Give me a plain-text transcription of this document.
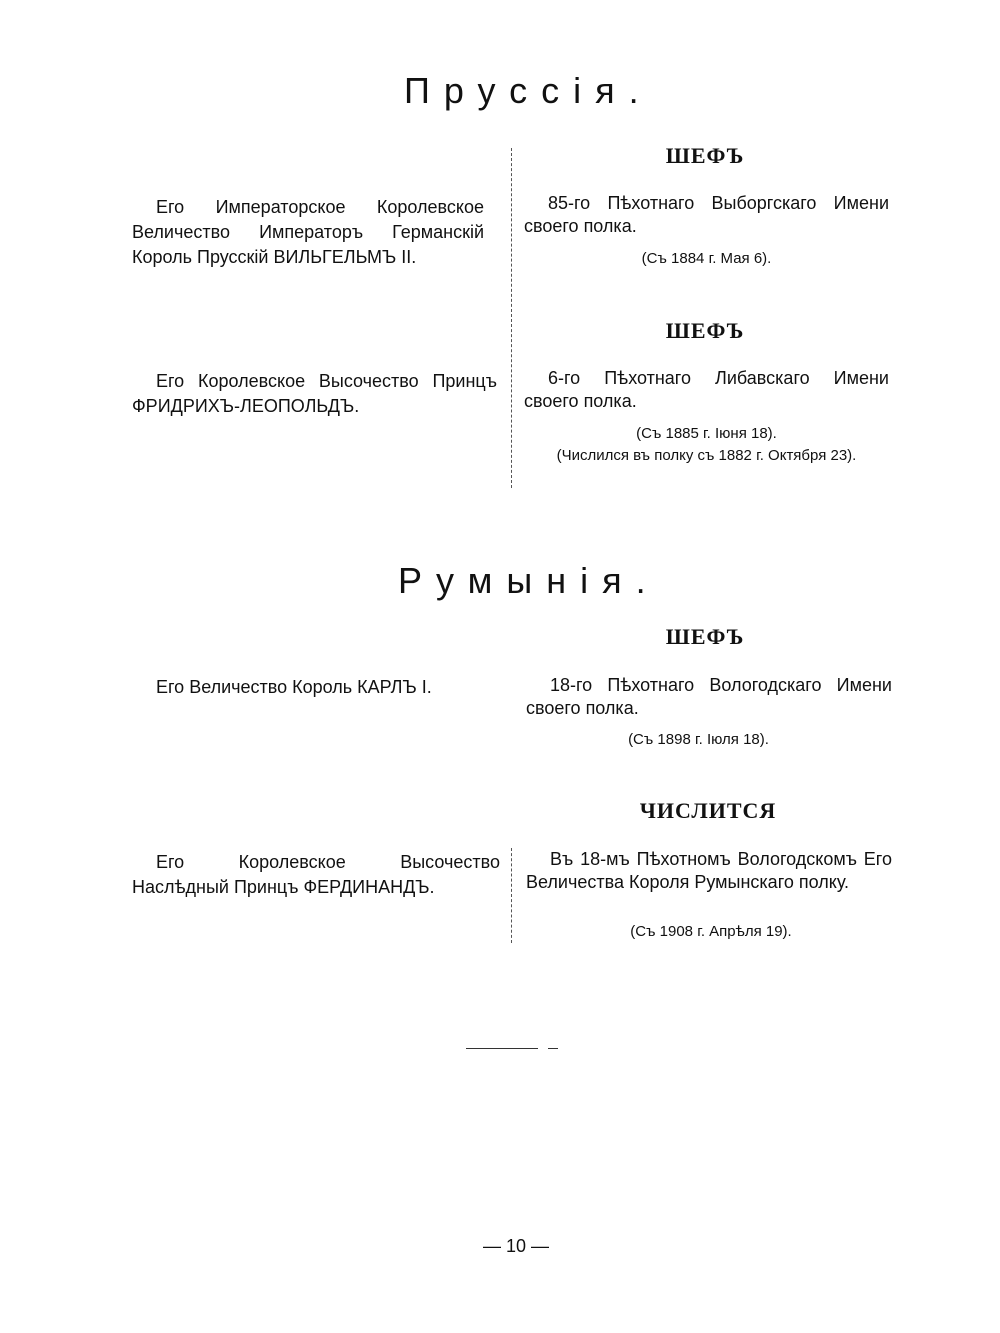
Пруссія.
ШЕФЪ
Его Императорское Королевское Величество Императоръ Германскій Король Прусскій ВИЛЬГЕЛЬМЪ II.
85-го Пѣхотнаго Выборгскаго Имени своего полка.
(Съ 1884 г. Мая 6).
ШЕФЪ
Его Королевское Высочество Принцъ ФРИДРИХЪ-ЛЕОПОЛЬДЪ.
6-го Пѣхотнаго Либавскаго Имени своего полка.
(Съ 1885 г. Іюня 18).
(Числился въ полку съ 1882 г. Октября 23).
Румынія.
ШЕФЪ
Его Величество Король КАРЛЪ I.	18-го Пѣхотнаго Вологодскаго Имени своего полка.
(Съ 1898 г. Іюля 18).
ЧИСЛИТСЯ
Его Королевское Высочество Наслѣдный Принцъ ФЕРДИНАНДЪ.
Въ 18-мъ Пѣхотномъ Вологодскомъ Его Величества Короля Румынскаго полку.
(Съ 1908 г. Апрѣля 19).
— 10 —
